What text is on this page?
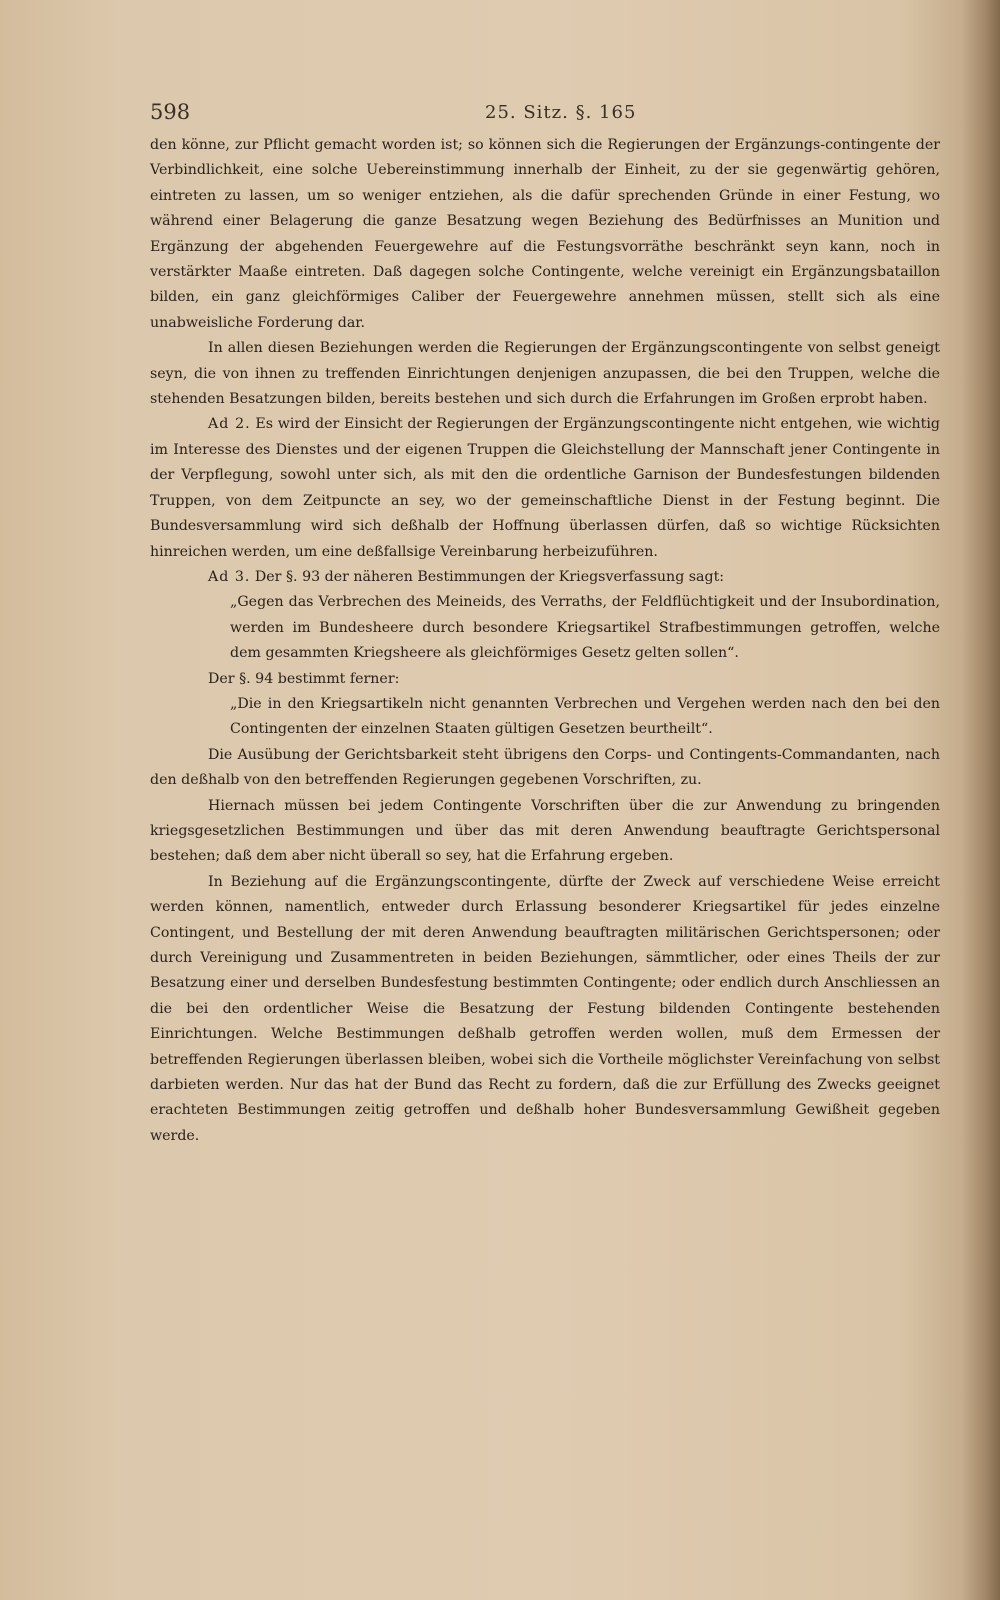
598	25. Sitz. §. 165

den könne, zur Pflicht gemacht worden ist; so können sich die Regierungen der Ergänzungs-contingente der Verbindlichkeit, eine solche Uebereinstimmung innerhalb der Einheit, zu der sie gegenwärtig gehören, eintreten zu lassen, um so weniger entziehen, als die dafür sprechenden Gründe in einer Festung, wo während einer Belagerung die ganze Besatzung wegen Beziehung des Bedürfnisses an Munition und Ergänzung der abgehenden Feuergewehre auf die Festungsvorräthe beschränkt seyn kann, noch in verstärkter Maaße eintreten. Daß dagegen solche Contingente, welche vereinigt ein Ergänzungsbataillon bilden, ein ganz gleichförmiges Caliber der Feuergewehre annehmen müssen, stellt sich als eine unabweisliche Forderung dar.

In allen diesen Beziehungen werden die Regierungen der Ergänzungscontingente von selbst geneigt seyn, die von ihnen zu treffenden Einrichtungen denjenigen anzupassen, die bei den Truppen, welche die stehenden Besatzungen bilden, bereits bestehen und sich durch die Erfahrungen im Großen erprobt haben.

Ad 2. Es wird der Einsicht der Regierungen der Ergänzungscontingente nicht entgehen, wie wichtig im Interesse des Dienstes und der eigenen Truppen die Gleichstellung der Mannschaft jener Contingente in der Verpflegung, sowohl unter sich, als mit den die ordentliche Garnison der Bundesfestungen bildenden Truppen, von dem Zeitpuncte an sey, wo der gemeinschaftliche Dienst in der Festung beginnt. Die Bundesversammlung wird sich deßhalb der Hoffnung überlassen dürfen, daß so wichtige Rücksichten hinreichen werden, um eine deßfallsige Vereinbarung herbeizuführen.

Ad 3. Der §. 93 der näheren Bestimmungen der Kriegsverfassung sagt:

„Gegen das Verbrechen des Meineids, des Verraths, der Feldflüchtigkeit und der Insubordination, werden im Bundesheere durch besondere Kriegsartikel Strafbestimmungen getroffen, welche dem gesammten Kriegsheere als gleichförmiges Gesetz gelten sollen“.

Der §. 94 bestimmt ferner:

„Die in den Kriegsartikeln nicht genannten Verbrechen und Vergehen werden nach den bei den Contingenten der einzelnen Staaten gültigen Gesetzen beurtheilt“.

Die Ausübung der Gerichtsbarkeit steht übrigens den Corps- und Contingents-Commandanten, nach den deßhalb von den betreffenden Regierungen gegebenen Vorschriften, zu.

Hiernach müssen bei jedem Contingente Vorschriften über die zur Anwendung zu bringenden kriegsgesetzlichen Bestimmungen und über das mit deren Anwendung beauftragte Gerichtspersonal bestehen; daß dem aber nicht überall so sey, hat die Erfahrung ergeben.

In Beziehung auf die Ergänzungscontingente, dürfte der Zweck auf verschiedene Weise erreicht werden können, namentlich, entweder durch Erlassung besonderer Kriegsartikel für jedes einzelne Contingent, und Bestellung der mit deren Anwendung beauftragten militärischen Gerichtspersonen; oder durch Vereinigung und Zusammentreten in beiden Beziehungen, sämmtlicher, oder eines Theils der zur Besatzung einer und derselben Bundesfestung bestimmten Contingente; oder endlich durch Anschliessen an die bei den ordentlicher Weise die Besatzung der Festung bildenden Contingente bestehenden Einrichtungen. Welche Bestimmungen deßhalb getroffen werden wollen, muß dem Ermessen der betreffenden Regierungen überlassen bleiben, wobei sich die Vortheile möglichster Vereinfachung von selbst darbieten werden. Nur das hat der Bund das Recht zu fordern, daß die zur Erfüllung des Zwecks geeignet erachteten Bestimmungen zeitig getroffen und deßhalb hoher Bundesversammlung Gewißheit gegeben werde.
